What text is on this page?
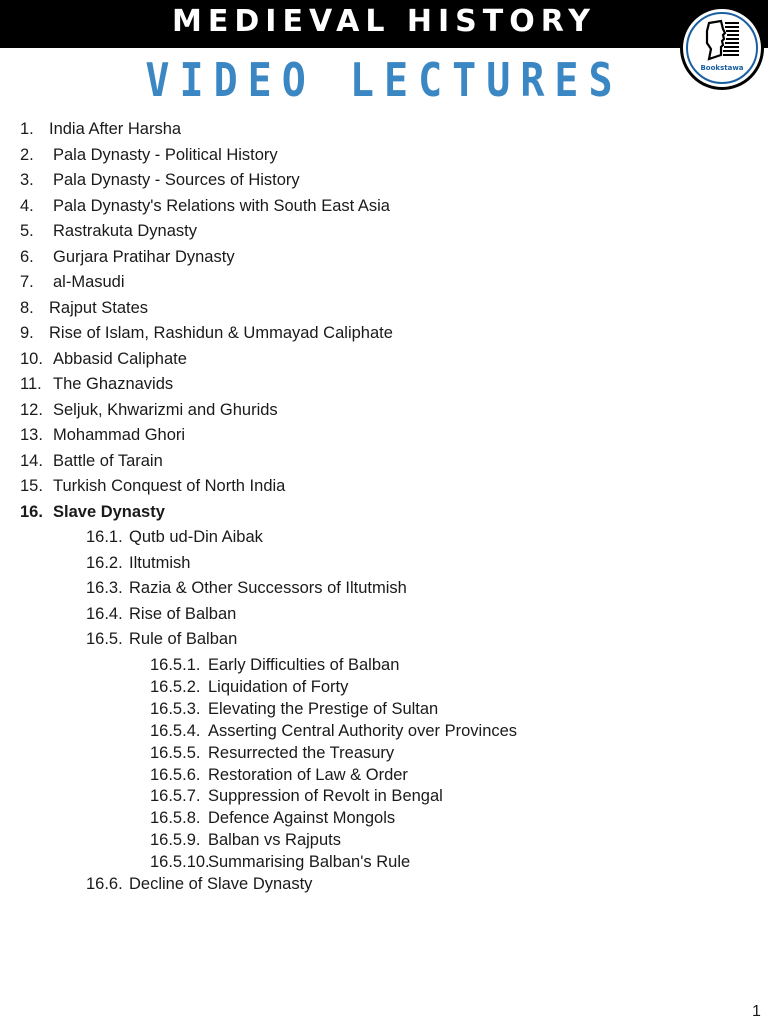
MEDIEVAL HISTORY
Bookstawa
VIDEO LECTURES
1. India After Harsha
2. Pala Dynasty - Political History
3. Pala Dynasty - Sources of History
4. Pala Dynasty's Relations with South East Asia
5. Rastrakuta Dynasty
6. Gurjara Pratihar Dynasty
7. al-Masudi
8. Rajput States
9. Rise of Islam, Rashidun & Ummayad Caliphate
10. Abbasid Caliphate
11. The Ghaznavids
12. Seljuk, Khwarizmi and Ghurids
13. Mohammad Ghori
14. Battle of Tarain
15. Turkish Conquest of North India
16. Slave Dynasty
16.1. Qutb ud-Din Aibak
16.2. Iltutmish
16.3. Razia & Other Successors of Iltutmish
16.4. Rise of Balban
16.5. Rule of Balban
16.5.1. Early Difficulties of Balban
16.5.2. Liquidation of Forty
16.5.3. Elevating the Prestige of Sultan
16.5.4. Asserting Central Authority over Provinces
16.5.5. Resurrected the Treasury
16.5.6. Restoration of Law & Order
16.5.7. Suppression of Revolt in Bengal
16.5.8. Defence Against Mongols
16.5.9. Balban vs Rajputs
16.5.10.Summarising Balban's Rule
16.6. Decline of Slave Dynasty
1
